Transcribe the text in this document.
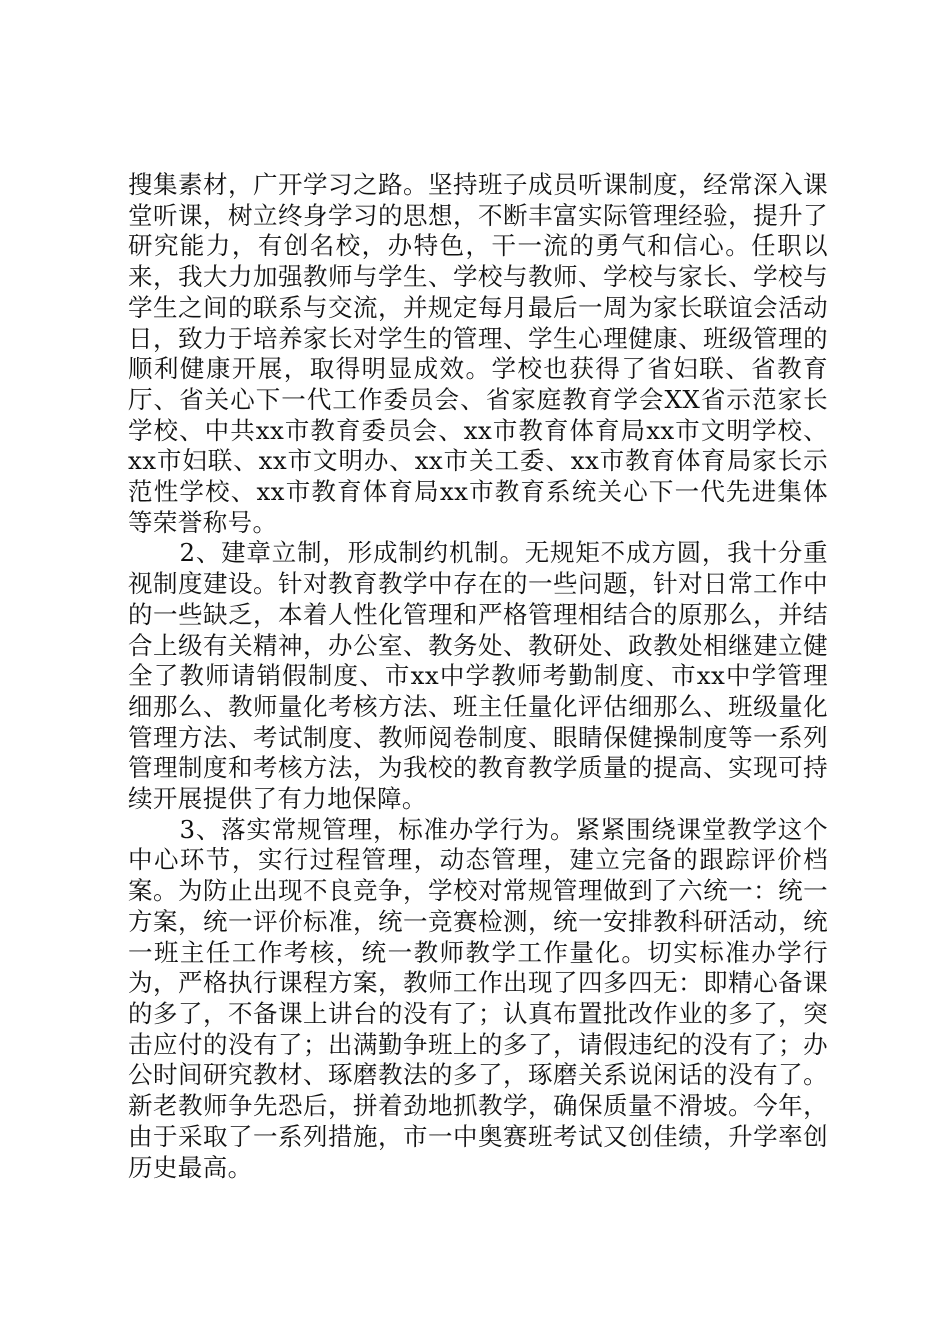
搜集素材，广开学习之路。坚持班子成员听课制度，经常深入课堂听课，树立终身学习的思想，不断丰富实际管理经验，提升了研究能力，有创名校，办特色，干一流的勇气和信心。任职以来，我大力加强教师与学生、学校与教师、学校与家长、学校与学生之间的联系与交流，并规定每月最后一周为家长联谊会活动日，致力于培养家长对学生的管理、学生心理健康、班级管理的顺利健康开展，取得明显成效。学校也获得了省妇联、省教育厅、省关心下一代工作委员会、省家庭教育学会XX省示范家长学校、中共xx市教育委员会、xx市教育体育局xx市文明学校、xx市妇联、xx市文明办、xx市关工委、xx市教育体育局家长示范性学校、xx市教育体育局xx市教育系统关心下一代先进集体等荣誉称号。

2、建章立制，形成制约机制。无规矩不成方圆，我十分重视制度建设。针对教育教学中存在的一些问题，针对日常工作中的一些缺乏，本着人性化管理和严格管理相结合的原那么，并结合上级有关精神，办公室、教务处、教研处、政教处相继建立健全了教师请销假制度、市xx中学教师考勤制度、市xx中学管理细那么、教师量化考核方法、班主任量化评估细那么、班级量化管理方法、考试制度、教师阅卷制度、眼睛保健操制度等一系列管理制度和考核方法，为我校的教育教学质量的提高、实现可持续开展提供了有力地保障。

3、落实常规管理，标准办学行为。紧紧围绕课堂教学这个中心环节，实行过程管理，动态管理，建立完备的跟踪评价档案。为防止出现不良竞争，学校对常规管理做到了六统一：统一方案，统一评价标准，统一竞赛检测，统一安排教科研活动，统一班主任工作考核，统一教师教学工作量化。切实标准办学行为，严格执行课程方案，教师工作出现了四多四无：即精心备课的多了，不备课上讲台的没有了；认真布置批改作业的多了，突击应付的没有了；出满勤争班上的多了，请假违纪的没有了；办公时间研究教材、琢磨教法的多了，琢磨关系说闲话的没有了。新老教师争先恐后，拼着劲地抓教学，确保质量不滑坡。今年，由于采取了一系列措施，市一中奥赛班考试又创佳绩，升学率创历史最高。
